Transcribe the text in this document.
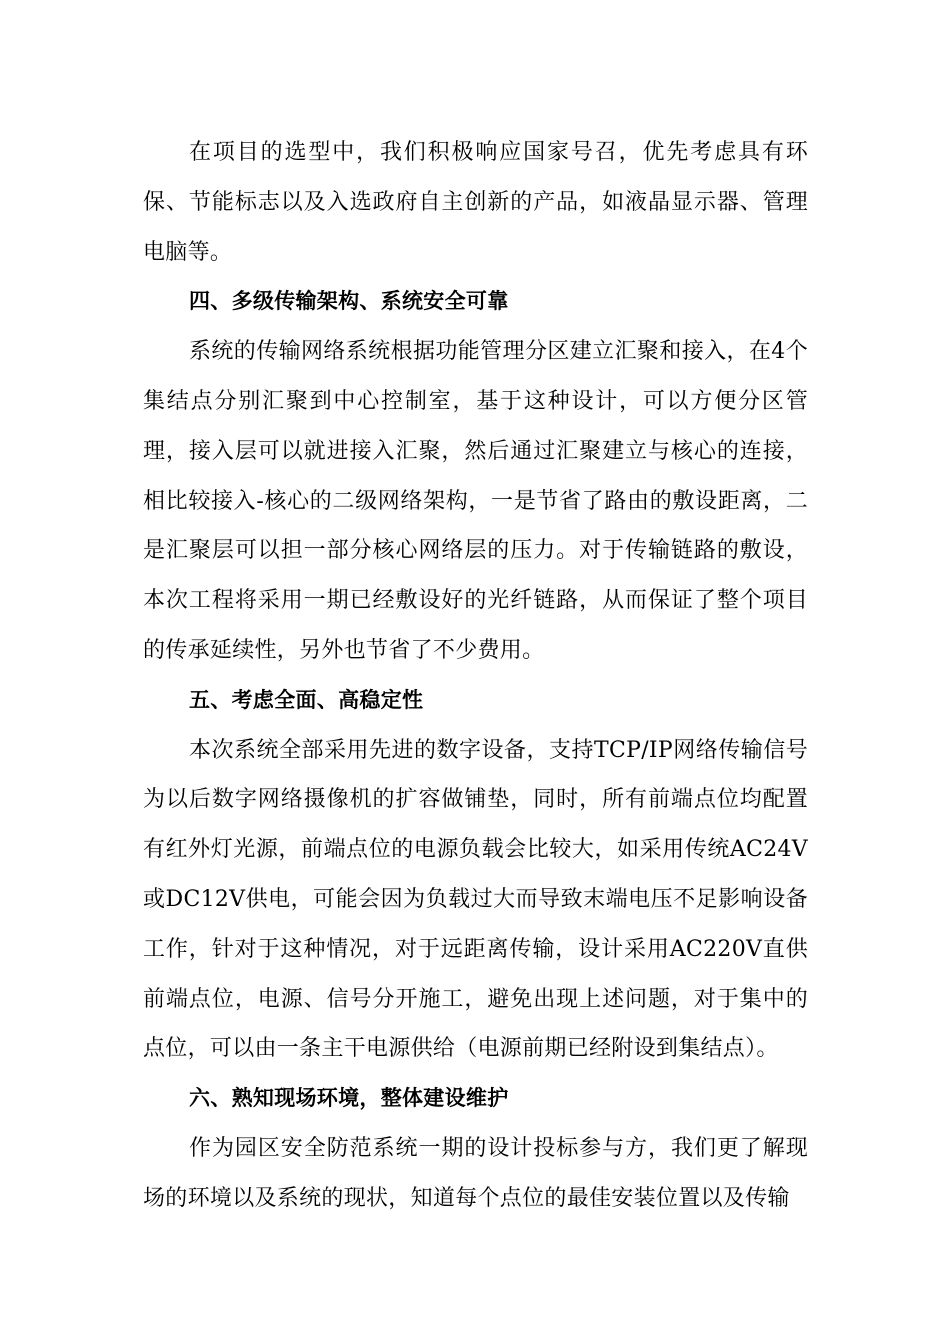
在项目的选型中，我们积极响应国家号召，优先考虑具有环保、节能标志以及入选政府自主创新的产品，如液晶显示器、管理电脑等。

四、多级传输架构、系统安全可靠

系统的传输网络系统根据功能管理分区建立汇聚和接入，在4个集结点分别汇聚到中心控制室，基于这种设计，可以方便分区管理，接入层可以就进接入汇聚，然后通过汇聚建立与核心的连接，相比较接入-核心的二级网络架构，一是节省了路由的敷设距离，二是汇聚层可以担一部分核心网络层的压力。对于传输链路的敷设，本次工程将采用一期已经敷设好的光纤链路，从而保证了整个项目的传承延续性，另外也节省了不少费用。

五、考虑全面、高稳定性

本次系统全部采用先进的数字设备，支持TCP/IP网络传输信号为以后数字网络摄像机的扩容做铺垫，同时，所有前端点位均配置有红外灯光源，前端点位的电源负载会比较大，如采用传统AC24V或DC12V供电，可能会因为负载过大而导致末端电压不足影响设备工作，针对于这种情况，对于远距离传输，设计采用AC220V直供前端点位，电源、信号分开施工，避免出现上述问题，对于集中的点位，可以由一条主干电源供给（电源前期已经附设到集结点）。

六、熟知现场环境，整体建设维护

作为园区安全防范系统一期的设计投标参与方，我们更了解现场的环境以及系统的现状，知道每个点位的最佳安装位置以及传输
